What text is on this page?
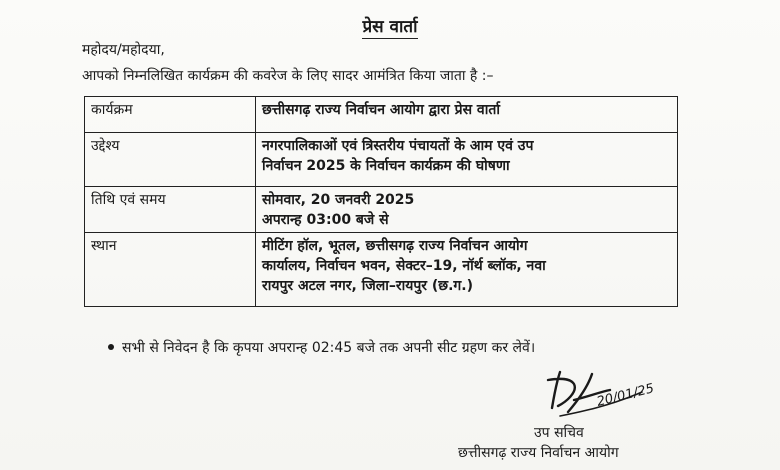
प्रेस वार्ता
महोदय/महोदया,
आपको निम्नलिखित कार्यक्रम की कवरेज के लिए सादर आमंत्रित किया जाता है :–
कार्यक्रम	छत्तीसगढ़ राज्य निर्वाचन आयोग द्वारा प्रेस वार्ता
उद्देश्य	नगरपालिकाओं एवं त्रिस्तरीय पंचायतों के आम एवं उप
निर्वाचन 2025 के निर्वाचन कार्यक्रम की घोषणा
तिथि एवं समय	सोमवार, 20 जनवरी 2025
अपरान्ह 03:00 बजे से
स्थान	मीटिंग हॉल, भूतल, छत्तीसगढ़ राज्य निर्वाचन आयोग
कार्यालय, निर्वाचन भवन, सेक्टर–19, नॉर्थ ब्लॉक, नवा
रायपुर अटल नगर, जिला–रायपुर (छ.ग.)
सभी से निवेदन है कि कृपया अपरान्ह 02:45 बजे तक अपनी सीट ग्रहण कर लेवें।
20/01/25
उप सचिव
छत्तीसगढ़ राज्य निर्वाचन आयोग
